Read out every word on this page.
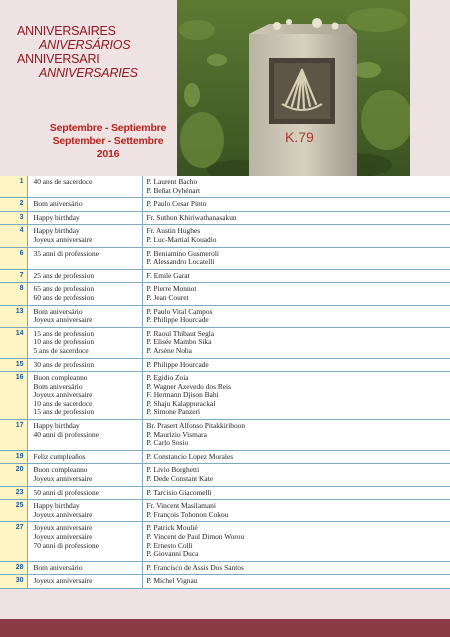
ANNIVERSAIRES
ANIVERSÁRIOS
ANNIVERSARI
ANNIVERSARIES
Septembre - Septiembre
September - Settembre
2016
K.79

1	40 ans de sacerdoce	P. Laurent Bacho
P. Beñat Oyhénart

2	Bom aniversário	P. Paulo Cesar Pinto

3	Happy birthday	Fr. Suthon Khiriwathanasakun

4	Happy birthday
Joyeux anniversaire	Fr. Austin Hughes
P. Luc-Martial Kouadio

6	35 anni di professione	P. Beniamino Gusmeroli
P. Alessandro Locatelli

7	25 ans de profession	F. Emile Garat

8	65 ans de profession
60 ans de profession	P. Pierre Monnot
P. Jean Couret

13	Bom aniversário
Joyeux anniversaire	P. Paulo Vital Campos
P. Philippe Hourcade

14	15 ans de profession
10 ans de profession
5 ans de sacerdoce	P. Raoul Thibaut Segla
P. Elisée Mambo Sika
P. Arsène Noba

15	30 ans de profession	P. Philippe Hourcade

16	Buon compleanno
Bom aniversário
Joyeux anniversaire
10 ans de sacerdoce
15 ans de profession	P. Egidio Zoia
P. Wagner Azevedo dos Reis
F. Hermann Djison Bahi
P. Shaju Kalappurackal
P. Simone Panzeri

17	Happy birthday
40 anni di professione	Br. Prasert Alfonso Pitakkiriboon
P. Maurizio Vismara
P. Carlo Sosio

19	Feliz cumpleaños	P. Constancio Lopez Morales

20	Buon compleanno
Joyeux anniversaire	P. Livio Borghetti
P. Dede Constant Kate

23	50 anni di professione	P. Tarcisio Giacomelli

25	Happy birthday
Joyeux anniversaire	Fr. Vincent Masilamani
P. François Tohonon Cokou

27	Joyeux anniversaire
Joyeux anniversaire
70 anni di professione	P. Patrick Moulié
P. Vincent de Paul Dimon Worou
P. Ernesto Colli
P. Giovanni Duca

28	Bom aniversário	P. Francisco de Assis Dos Santos

30	Joyeux anniversaire	P. Michel Vignau
